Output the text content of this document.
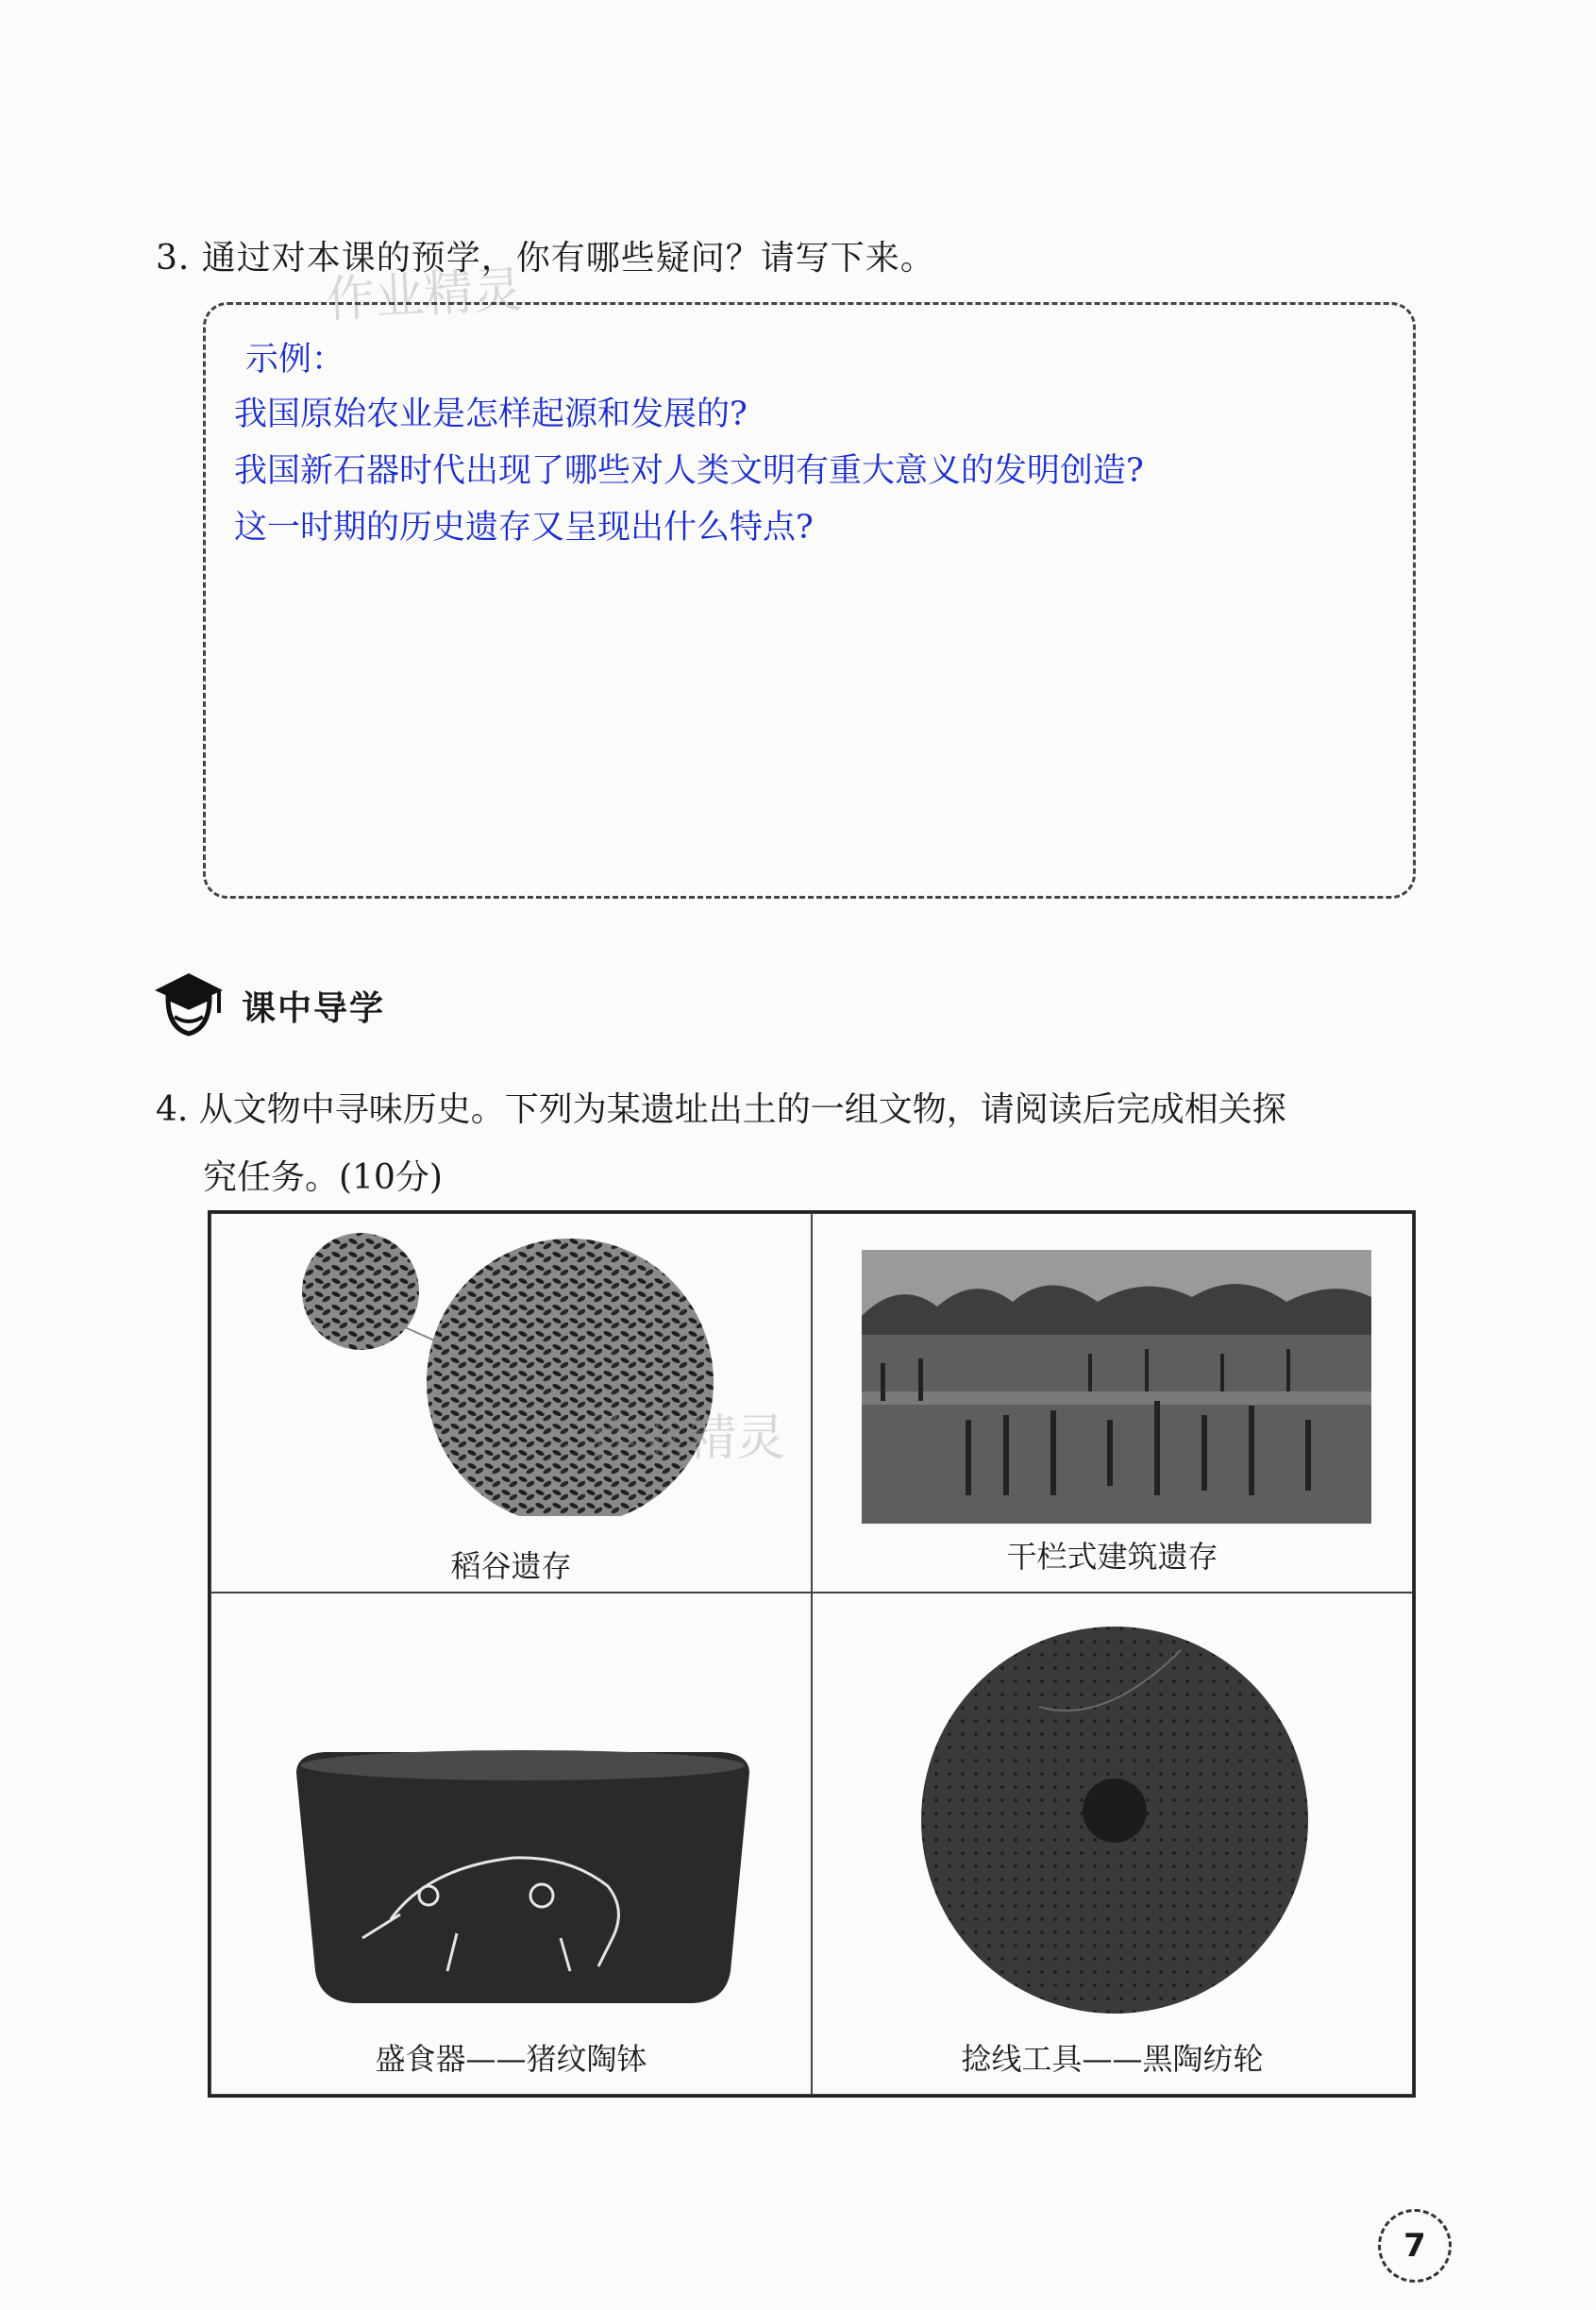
3. 通过对本课的预学，你有哪些疑问？请写下来。
作业精灵
示例：
我国原始农业是怎样起源和发展的?
我国新石器时代出现了哪些对人类文明有重大意义的发明创造?
这一时期的历史遗存又呈现出什么特点?
课中导学
4. 从文物中寻味历史。下列为某遗址出土的一组文物，请阅读后完成相关探
究任务。(10分)
稻谷遗存
作业精灵
干栏式建筑遗存
盛食器——猪纹陶钵	捻线工具——黑陶纺轮
7
